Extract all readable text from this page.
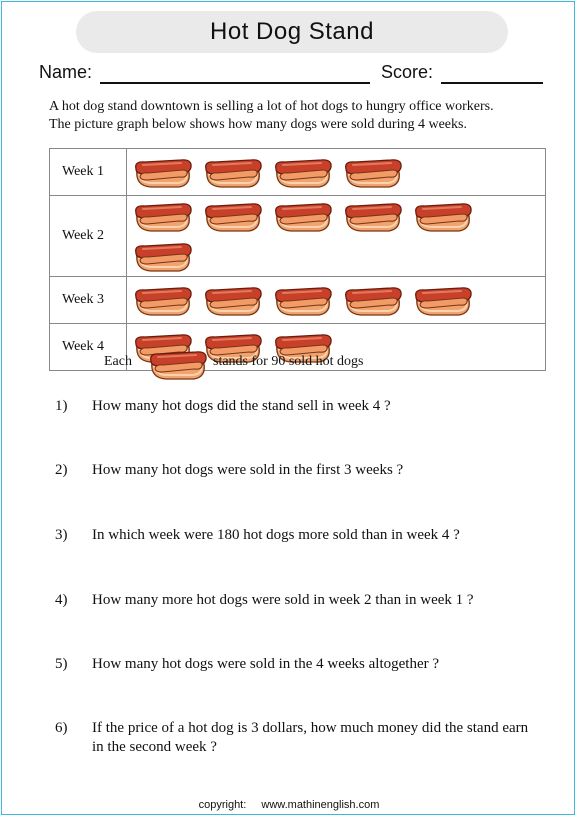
Hot Dog Stand
Name:	Score:

A hot dog stand downtown is selling a lot of hot dogs to hungry office workers.

The picture graph below shows how many dogs were sold during 4 weeks.

Week 1	

Week 2	

Week 3	

Week 4	
Each	stands for 90 sold hot dogs
1) How many hot dogs did the stand sell in week 4 ?
2) How many hot dogs were sold in the first 3 weeks ?
3) In which week were 180 hot dogs more sold than in week 4 ?
4) How many more hot dogs were sold in week 2 than in week 1 ?
5) How many hot dogs were sold in the 4 weeks altogether ?
6) If the price of a hot dog is 3 dollars, how much money did the stand earn in the second week ?
copyright: www.mathinenglish.com
